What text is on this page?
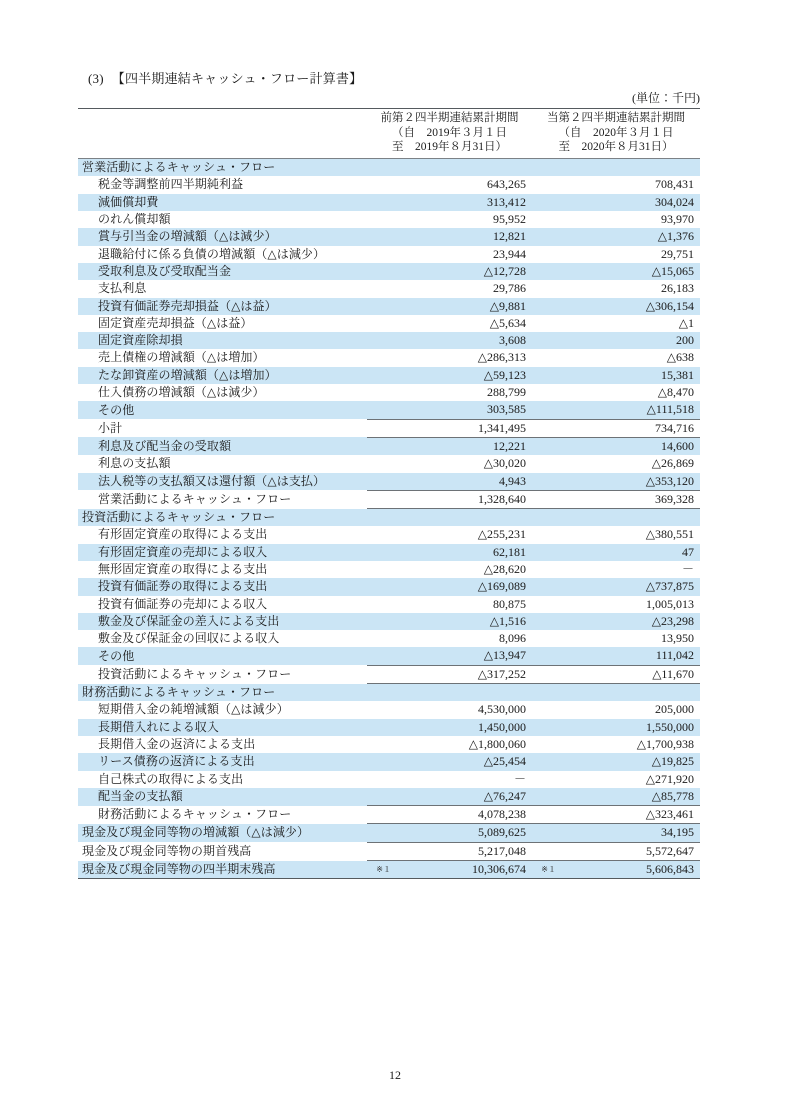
(3) 【四半期連結キャッシュ・フロー計算書】
(単位：千円)

	前第２四半期連結累計期間
（自　2019年３月１日
至　2019年８月31日）		当第２四半期連結累計期間
（自　2020年３月１日
至　2020年８月31日）	

営業活動によるキャッシュ・フロー				
税金等調整前四半期純利益		643,265		708,431
減価償却費		313,412		304,024
のれん償却額		95,952		93,970
賞与引当金の増減額（△は減少）		12,821		△1,376
退職給付に係る負債の増減額（△は減少）		23,944		29,751
受取利息及び受取配当金		△12,728		△15,065
支払利息		29,786		26,183
投資有価証券売却損益（△は益）		△9,881		△306,154
固定資産売却損益（△は益）		△5,634		△1
固定資産除却損		3,608		200
売上債権の増減額（△は増加）		△286,313		△638
たな卸資産の増減額（△は増加）		△59,123		15,381
仕入債務の増減額（△は減少）		288,799		△8,470
その他		303,585		△111,518
小計		1,341,495		734,716
利息及び配当金の受取額		12,221		14,600
利息の支払額		△30,020		△26,869
法人税等の支払額又は還付額（△は支払）		4,943		△353,120
営業活動によるキャッシュ・フロー		1,328,640		369,328
投資活動によるキャッシュ・フロー				
有形固定資産の取得による支出		△255,231		△380,551
有形固定資産の売却による収入		62,181		47
無形固定資産の取得による支出		△28,620		－
投資有価証券の取得による支出		△169,089		△737,875
投資有価証券の売却による収入		80,875		1,005,013
敷金及び保証金の差入による支出		△1,516		△23,298
敷金及び保証金の回収による収入		8,096		13,950
その他		△13,947		111,042
投資活動によるキャッシュ・フロー		△317,252		△11,670
財務活動によるキャッシュ・フロー				
短期借入金の純増減額（△は減少）		4,530,000		205,000
長期借入れによる収入		1,450,000		1,550,000
長期借入金の返済による支出		△1,800,060		△1,700,938
リース債務の返済による支出		△25,454		△19,825
自己株式の取得による支出		－		△271,920
配当金の支払額		△76,247		△85,778
財務活動によるキャッシュ・フロー		4,078,238		△323,461
現金及び現金同等物の増減額（△は減少）		5,089,625		34,195
現金及び現金同等物の期首残高		5,217,048		5,572,647
現金及び現金同等物の四半期末残高	※１	10,306,674	※１	5,606,843
12
